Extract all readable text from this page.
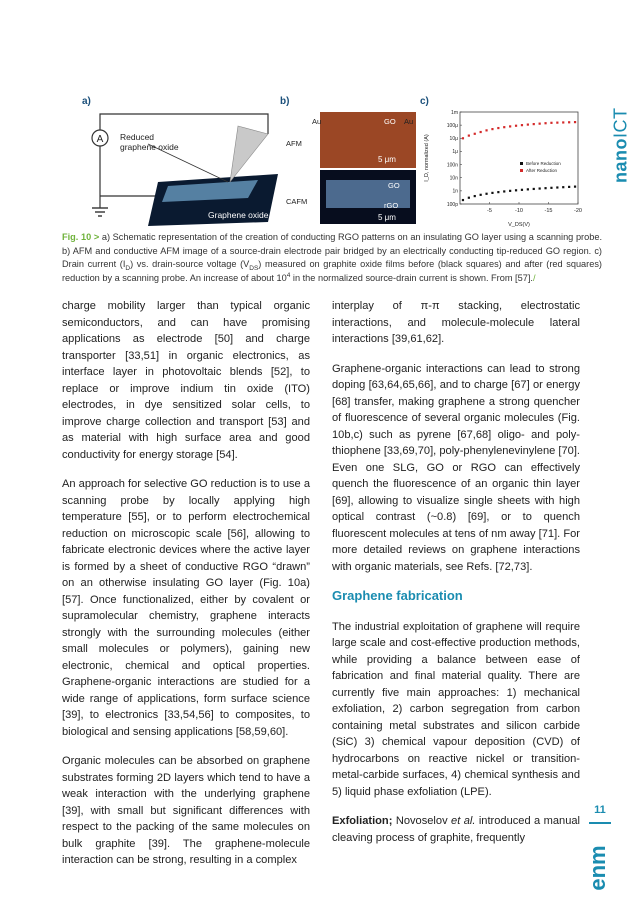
nano
ICT
a)
A Reduced
graphene oxide
Graphene oxide
b)
AFM
CAFM
Au	GO Au
5 μm
GO
rGO
5 μm
c)
1m
100μ
10μ
1μ
100n
10n
1n
100p
-5	-10	-15	-20
Before Reduction
After Reduction
V_DS(V)
I_D, normalized (A)
Fig. 10 > a) Schematic representation of the creation of conducting RGO patterns on an insulating GO layer using a scanning probe. b) AFM and conductive AFM image of a source-drain electrode pair bridged by an electrically conducting tip-reduced GO region. c) Drain current $(I_D)$ vs. drain-source voltage $(V_{DS})$ measured on graphite oxide films before (black squares) and after (red squares) reduction by a scanning probe. An increase of about $10^4$ in the normalized source-drain current is shown. From [57]./

charge mobility larger than typical organic semiconductors, and can have promising applications as electrode [50] and charge transporter [33,51] in organic electronics, as interface layer in photovoltaic blends [52], to replace or improve indium tin oxide (ITO) electrodes, in dye sensitized solar cells, to improve charge collection and transport [53] and as material with high surface area and good conductivity for energy storage [54].

An approach for selective GO reduction is to use a scanning probe by locally applying high temperature [55], or to perform electrochemical reduction on microscopic scale [56], allowing to fabricate electronic devices where the active layer is formed by a sheet of conductive RGO “drawn” on an otherwise insulating GO layer (Fig. 10a) [57]. Once functionalized, either by covalent or supramolecular chemistry, graphene interacts strongly with the surrounding molecules (either small molecules or polymers), gaining new electronic, chemical and optical properties. Graphene-organic interactions are studied for a wide range of applications, form surface science [39], to electronics [33,54,56] to composites, to biological and sensing applications [58,59,60].

Organic molecules can be absorbed on graphene substrates forming 2D layers which tend to have a weak interaction with the underlying graphene [39], with small but significant differences with respect to the packing of the same molecules on bulk graphite [39]. The graphene-molecule interaction can be strong, resulting in a complex

interplay of π-π stacking, electrostatic interactions, and molecule-molecule lateral interactions [39,61,62].

Graphene-organic interactions can lead to strong doping [63,64,65,66], and to charge [67] or energy [68] transfer, making graphene a strong quencher of fluorescence of several organic molecules (Fig. 10b,c) such as pyrene [67,68] oligo- and poly-thiophene [33,69,70], poly-phenylenevinylene [70]. Even one SLG, GO or RGO can effectively quench the fluorescence of an organic thin layer [69], allowing to visualize single sheets with high optical contrast (~0.8) [69], or to quench fluorescent molecules at tens of nm away [71]. For more detailed reviews on graphene interactions with organic materials, see Refs. [72,73].

Graphene fabrication

The industrial exploitation of graphene will require large scale and cost-effective production methods, while providing a balance between ease of fabrication and final material quality. There are currently five main approaches: 1) mechanical exfoliation, 2) carbon segregation from carbon containing metal substrates and silicon carbide (SiC) 3) chemical vapour deposition (CVD) of hydrocarbons on reactive nickel or transition-metal-carbide surfaces, 4) chemical synthesis and 5) liquid phase exfoliation (LPE).

Exfoliation; Novoselov et al. introduced a manual cleaving process of graphite, frequently

11
enm
